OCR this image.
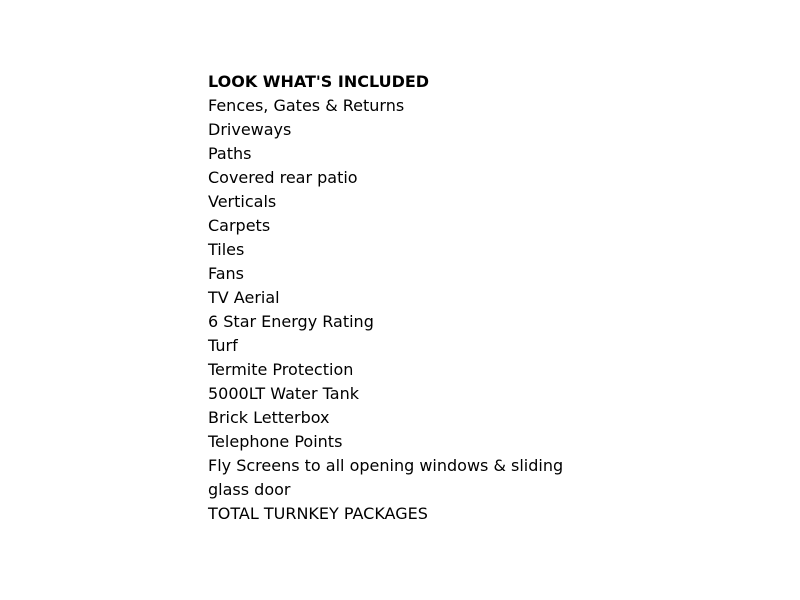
LOOK WHAT'S INCLUDED
Fences, Gates & Returns
Driveways
Paths
Covered rear patio
Verticals
Carpets
Tiles
Fans
TV Aerial
6 Star Energy Rating
Turf
Termite Protection
5000LT Water Tank
Brick Letterbox
Telephone Points
Fly Screens to all opening windows & sliding glass door
TOTAL TURNKEY PACKAGES
